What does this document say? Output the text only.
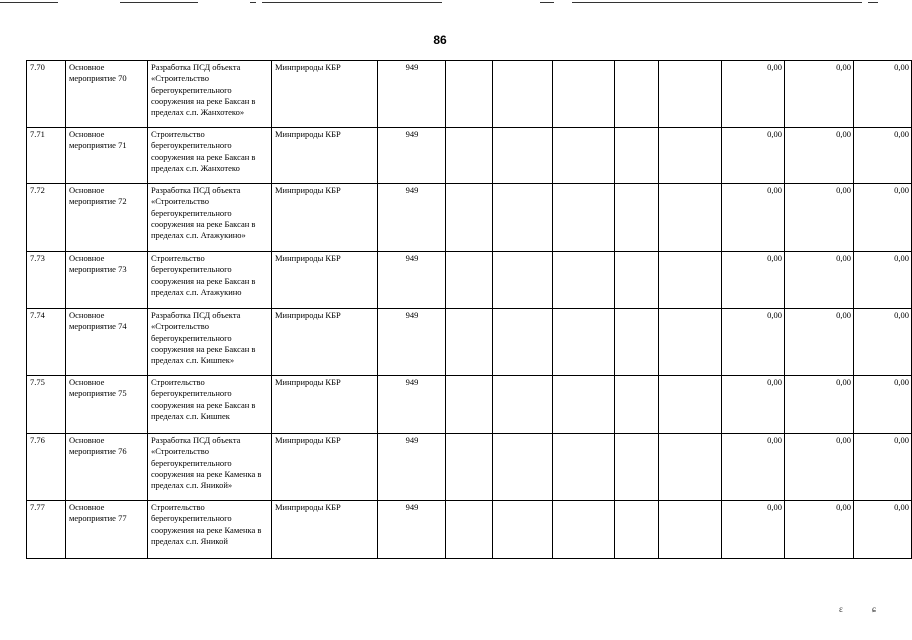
86
7.70	Основное мероприятие 70	Разработка ПСД объекта «Строительство берегоукрепительного сооружения на реке Баксан в пределах с.п. Жанхотеко»	Минприроды КБР	949						0,00	0,00	0,00
7.71	Основное мероприятие 71	Строительство берегоукрепительного сооружения на реке Баксан в пределах с.п. Жанхотеко	Минприроды КБР	949						0,00	0,00	0,00
7.72	Основное мероприятие 72	Разработка ПСД объекта «Строительство берегоукрепительного сооружения на реке Баксан в пределах с.п. Атажукино»	Минприроды КБР	949						0,00	0,00	0,00
7.73	Основное мероприятие 73	Строительство берегоукрепительного сооружения на реке Баксан в пределах с.п. Атажукино	Минприроды КБР	949						0,00	0,00	0,00
7.74	Основное мероприятие 74	Разработка ПСД объекта «Строительство берегоукрепительного сооружения на реке Баксан в пределах с.п. Кишпек»	Минприроды КБР	949						0,00	0,00	0,00
7.75	Основное мероприятие 75	Строительство берегоукрепительного сооружения на реке Баксан в пределах с.п. Кишпек	Минприроды КБР	949						0,00	0,00	0,00
7.76	Основное мероприятие 76	Разработка ПСД объекта «Строительство берегоукрепительного сооружения на реке Каменка в пределах с.п. Яникой»	Минприроды КБР	949						0,00	0,00	0,00
7.77	Основное мероприятие 77	Строительство берегоукрепительного сооружения на реке Каменка в пределах с.п. Яникой	Минприроды КБР	949						0,00	0,00	0,00
ɛ	ɕ
